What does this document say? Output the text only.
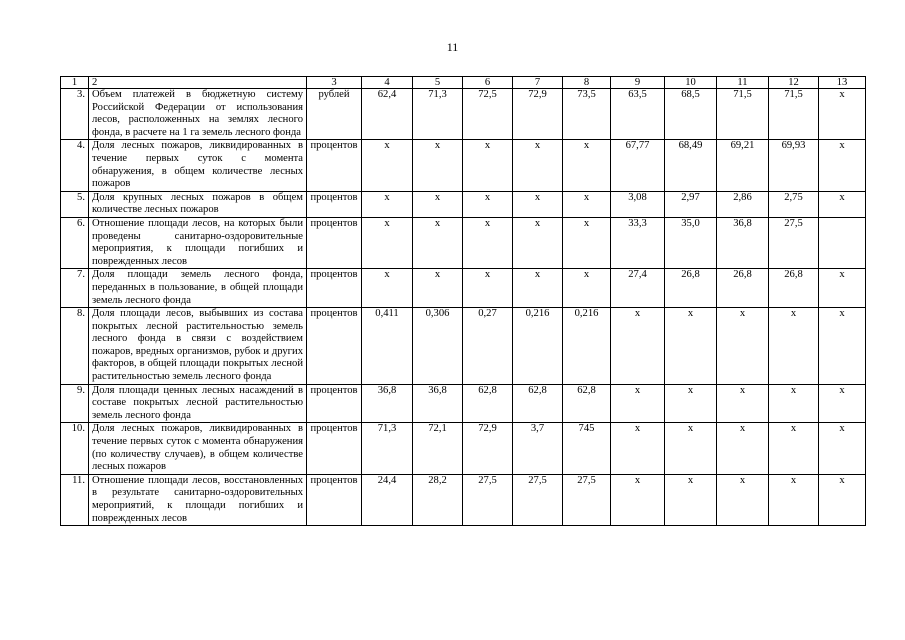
11
1	2	3	4	5	6	7	8	9	10	11	12	13
3.	Объем платежей в бюджетную систему Российской Федерации от использования лесов, расположенных на землях лесного фонда, в расчете на 1 га земель лесного фонда	рублей	62,4	71,3	72,5	72,9	73,5	63,5	68,5	71,5	71,5	x
4.	Доля лесных пожаров, ликвидированных в течение первых суток с момента обнаружения, в общем количестве лесных пожаров	процентов	x	x	x	x	x	67,77	68,49	69,21	69,93	x
5.	Доля крупных лесных пожаров в общем количестве лесных пожаров	процентов	x	x	x	x	x	3,08	2,97	2,86	2,75	x
6.	Отношение площади лесов, на которых были проведены санитарно-оздоровительные мероприятия, к площади погибших и поврежденных лесов	процентов	x	x	x	x	x	33,3	35,0	36,8	27,5	
7.	Доля площади земель лесного фонда, переданных в пользование, в общей площади земель лесного фонда	процентов	x	x	x	x	x	27,4	26,8	26,8	26,8	x
8.	Доля площади лесов, выбывших из состава покрытых лесной растительностью земель лесного фонда в связи с воздействием пожаров, вредных организмов, рубок и других факторов, в общей площади покрытых лесной растительностью земель лесного фонда	процентов	0,411	0,306	0,27	0,216	0,216	x	x	x	x	x
9.	Доля площади ценных лесных насаждений в составе покрытых лесной растительностью земель лесного фонда	процентов	36,8	36,8	62,8	62,8	62,8	x	x	x	x	x
10.	Доля лесных пожаров, ликвидированных в течение первых суток с момента обнаружения (по количеству случаев), в общем количестве лесных пожаров	процентов	71,3	72,1	72,9	3,7	745	x	x	x	x	x
11.	Отношение площади лесов, восстановленных в результате санитарно-оздоровительных мероприятий, к площади погибших и поврежденных лесов	процентов	24,4	28,2	27,5	27,5	27,5	x	x	x	x	x
